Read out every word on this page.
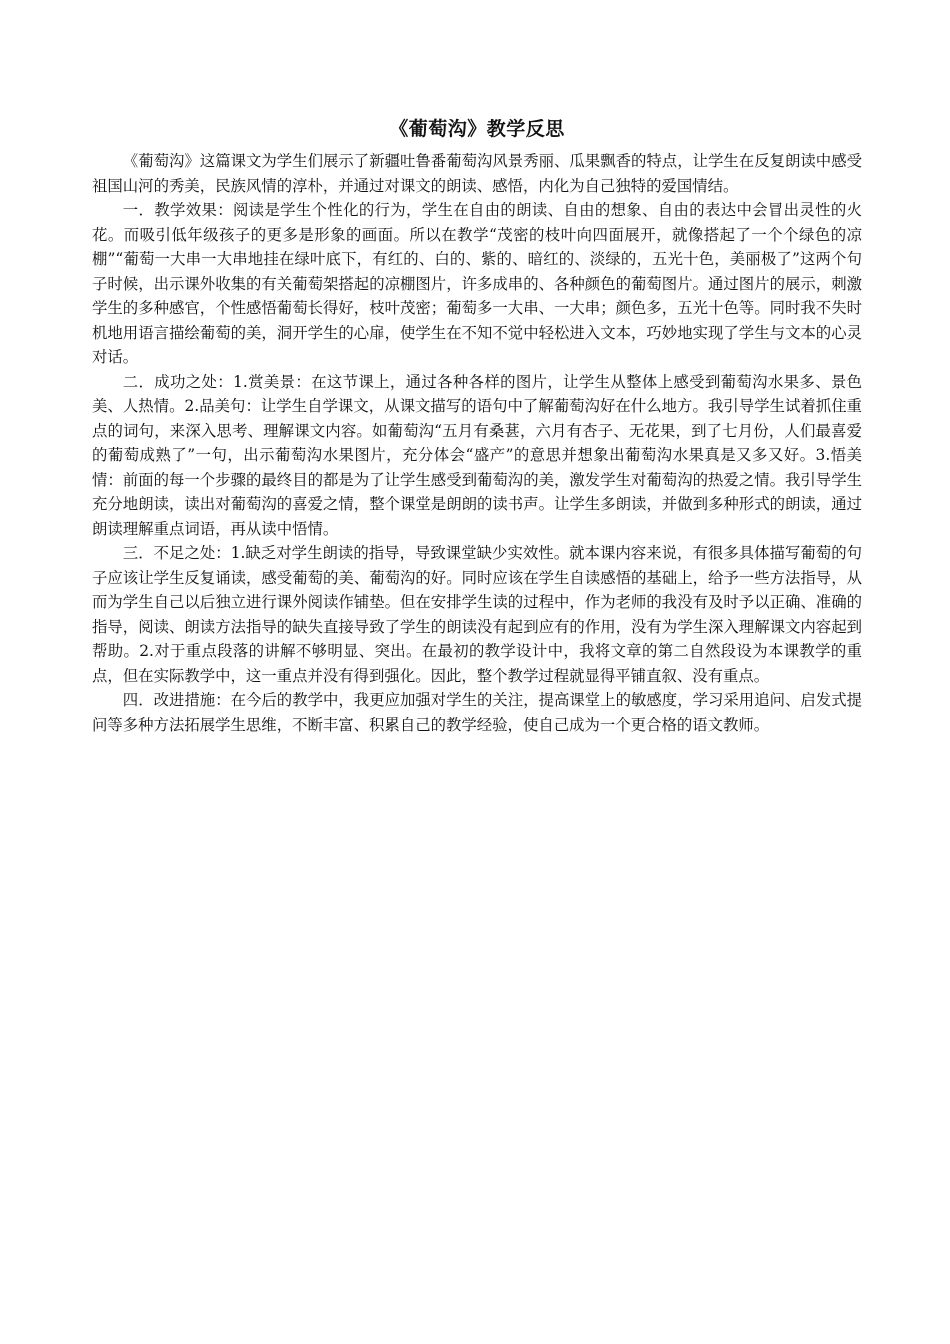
《葡萄沟》教学反思

《葡萄沟》这篇课文为学生们展示了新疆吐鲁番葡萄沟风景秀丽、瓜果飘香的特点，让学生在反复朗读中感受祖国山河的秀美，民族风情的淳朴，并通过对课文的朗读、感悟，内化为自己独特的爱国情结。

一．教学效果：阅读是学生个性化的行为，学生在自由的朗读、自由的想象、自由的表达中会冒出灵性的火花。而吸引低年级孩子的更多是形象的画面。所以在教学“茂密的枝叶向四面展开，就像搭起了一个个绿色的凉棚”“葡萄一大串一大串地挂在绿叶底下，有红的、白的、紫的、暗红的、淡绿的，五光十色，美丽极了”这两个句子时候，出示课外收集的有关葡萄架搭起的凉棚图片，许多成串的、各种颜色的葡萄图片。通过图片的展示，刺激学生的多种感官，个性感悟葡萄长得好，枝叶茂密；葡萄多一大串、一大串；颜色多，五光十色等。同时我不失时机地用语言描绘葡萄的美，洞开学生的心扉，使学生在不知不觉中轻松进入文本，巧妙地实现了学生与文本的心灵对话。

二．成功之处：1.赏美景：在这节课上，通过各种各样的图片，让学生从整体上感受到葡萄沟水果多、景色美、人热情。2.品美句：让学生自学课文，从课文描写的语句中了解葡萄沟好在什么地方。我引导学生试着抓住重点的词句，来深入思考、理解课文内容。如葡萄沟“五月有桑葚，六月有杏子、无花果，到了七月份，人们最喜爱的葡萄成熟了”一句，出示葡萄沟水果图片，充分体会“盛产”的意思并想象出葡萄沟水果真是又多又好。3.悟美情：前面的每一个步骤的最终目的都是为了让学生感受到葡萄沟的美，激发学生对葡萄沟的热爱之情。我引导学生充分地朗读，读出对葡萄沟的喜爱之情，整个课堂是朗朗的读书声。让学生多朗读，并做到多种形式的朗读，通过朗读理解重点词语，再从读中悟情。

三．不足之处：1.缺乏对学生朗读的指导，导致课堂缺少实效性。就本课内容来说，有很多具体描写葡萄的句子应该让学生反复诵读，感受葡萄的美、葡萄沟的好。同时应该在学生自读感悟的基础上，给予一些方法指导，从而为学生自己以后独立进行课外阅读作铺垫。但在安排学生读的过程中，作为老师的我没有及时予以正确、准确的指导，阅读、朗读方法指导的缺失直接导致了学生的朗读没有起到应有的作用，没有为学生深入理解课文内容起到帮助。2.对于重点段落的讲解不够明显、突出。在最初的教学设计中，我将文章的第二自然段设为本课教学的重点，但在实际教学中，这一重点并没有得到强化。因此，整个教学过程就显得平铺直叙、没有重点。

四．改进措施：在今后的教学中，我更应加强对学生的关注，提高课堂上的敏感度，学习采用追问、启发式提问等多种方法拓展学生思维，不断丰富、积累自己的教学经验，使自己成为一个更合格的语文教师。
